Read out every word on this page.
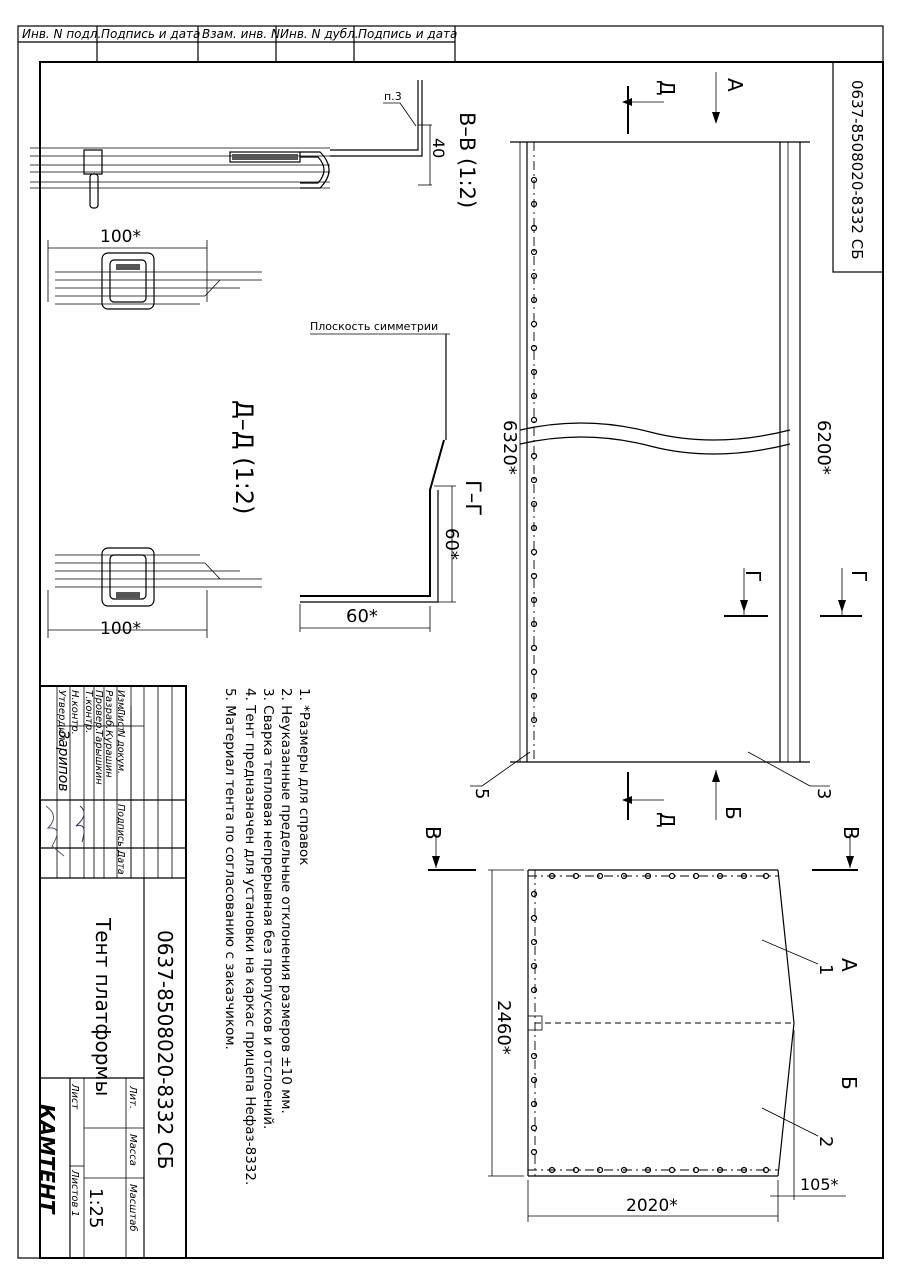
Инв. N подл. Подпись и дата Взам. инв. N Инв. N дубл. Подпись и дата
0637-8508020-8332 СБ
40
п.3
В–В (1:2)
100*
100*
Д–Д (1:2)
Плоскость симметрии
60*
60*
Г–Г
6320*	6200*
А
Д
Г	Г
Д Б
3
5
2460*
2020*
105*
В	В
А
Б
1
2
1. *Размеры для справок
2. Неуказанные предельные отклонения размеров ±10 мм.
3. Сварка тепловая непрерывная без пропусков и отслоений.
4. Тент предназначен для установки на каркас прицепа Нефаз-8332.
5. Материал тента по согласованию с заказчиком.
Изм.
Лист
N докум.
Подпись
Дата
Разраб.
Курашин
Провер.
Тарышкин
Т.контр.
Н.контр.
Утвердил
Зарипов
0637-8508020-8332 СБ
Тент платформы
Лит.
Масса
Масштаб
1:25
Лист
Листов 1
КАМТЕНТ
